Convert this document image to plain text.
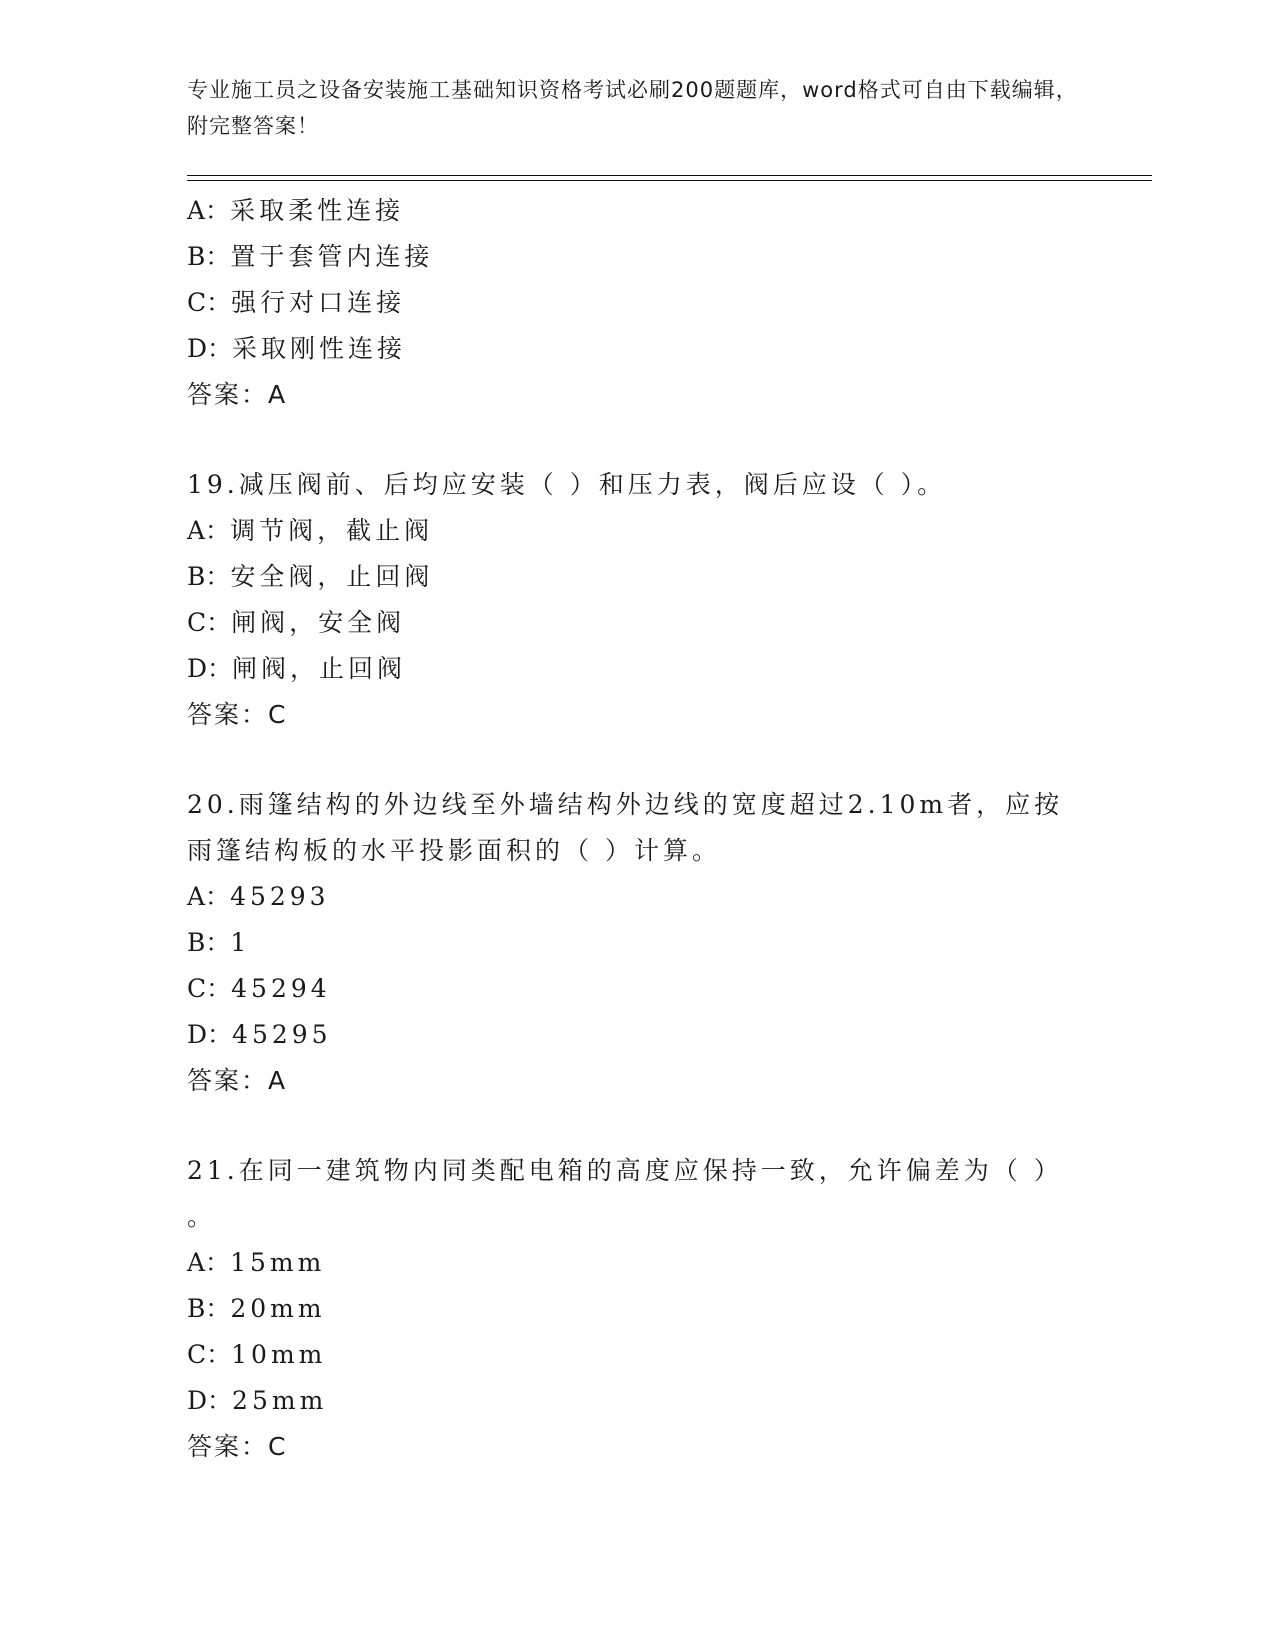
专业施工员之设备安装施工基础知识资格考试必刷200题题库，word格式可自由下载编辑，附完整答案！
A：采取柔性连接
B：置于套管内连接
C：强行对口连接
D：采取刚性连接
答案：A
19.减压阀前、后均应安装（ ）和压力表，阀后应设（ ）。
A：调节阀，截止阀
B：安全阀，止回阀
C：闸阀，安全阀
D：闸阀，止回阀
答案：C
20.雨篷结构的外边线至外墙结构外边线的宽度超过2.10m者，应按雨篷结构板的水平投影面积的（ ）计算。
A：45293
B：1
C：45294
D：45295
答案：A
21.在同一建筑物内同类配电箱的高度应保持一致，允许偏差为（ ）
。
A：15mm
B：20mm
C：10mm
D：25mm
答案：C
